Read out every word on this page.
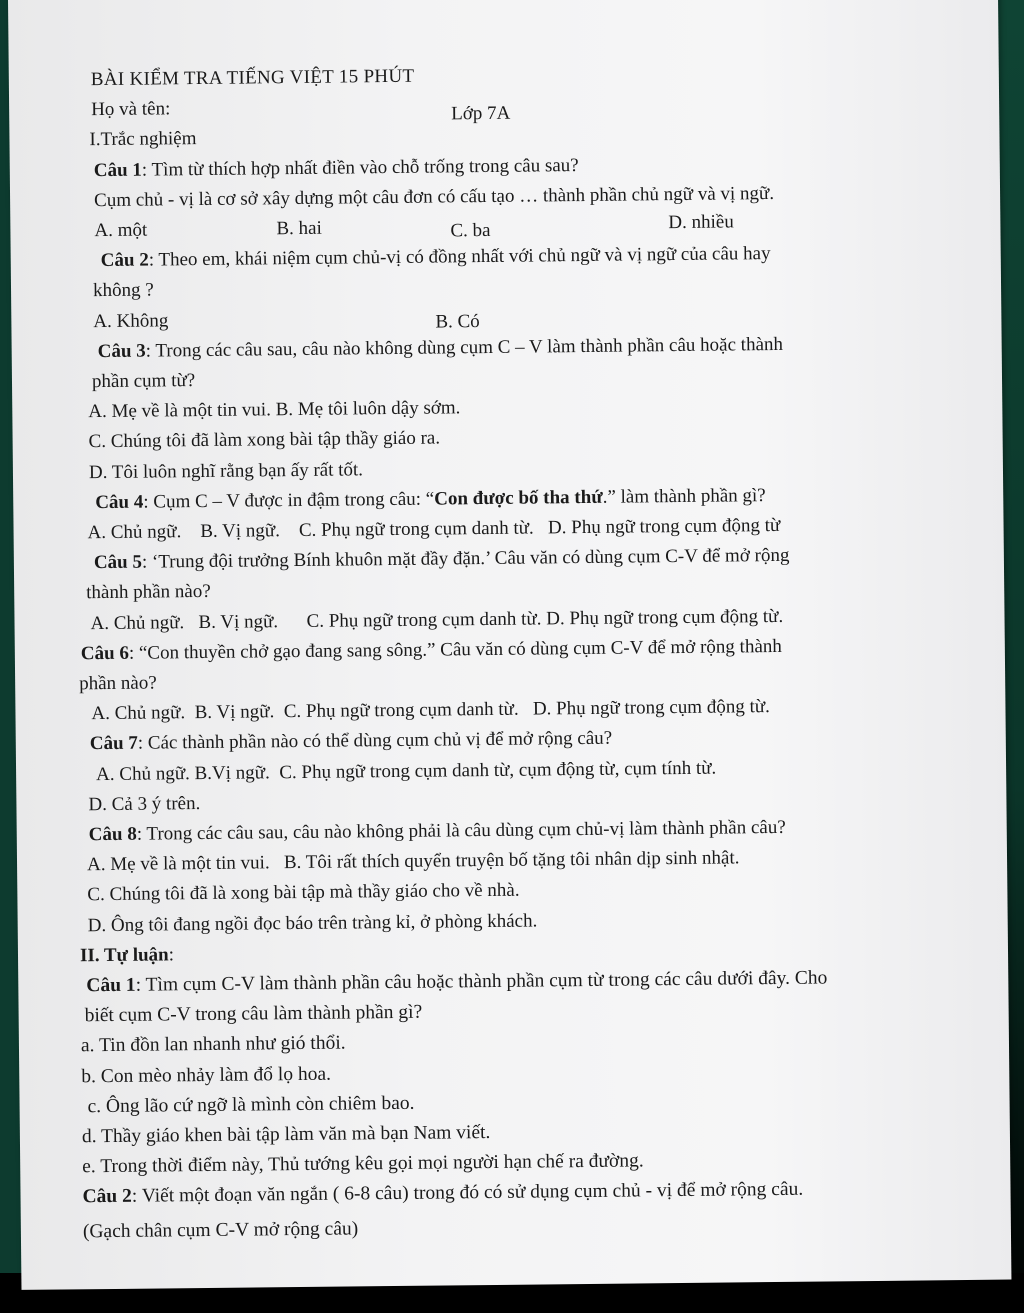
BÀI KIỂM TRA TIẾNG VIỆT 15 PHÚT
Họ và tên:	Lớp 7A
I.Trắc nghiệm
Câu 1: Tìm từ thích hợp nhất điền vào chỗ trống trong câu sau?
Cụm chủ - vị là cơ sở xây dựng một câu đơn có cấu tạo … thành phần chủ ngữ và vị ngữ.
A. một	B. hai	C. ba	D. nhiều
Câu 2: Theo em, khái niệm cụm chủ-vị có đồng nhất với chủ ngữ và vị ngữ của câu hay
không ?
A. Không	B. Có
Câu 3: Trong các câu sau, câu nào không dùng cụm C – V làm thành phần câu hoặc thành
phần cụm từ?
A. Mẹ về là một tin vui. B. Mẹ tôi luôn dậy sớm.
C. Chúng tôi đã làm xong bài tập thầy giáo ra.
D. Tôi luôn nghĩ rằng bạn ấy rất tốt.
Câu 4: Cụm C – V được in đậm trong câu: “Con được bố tha thứ.” làm thành phần gì?
A. Chủ ngữ.    B. Vị ngữ.    C. Phụ ngữ trong cụm danh từ.   D. Phụ ngữ trong cụm động từ
Câu 5: ‘Trung đội trưởng Bính khuôn mặt đầy đặn.’ Câu văn có dùng cụm C-V để mở rộng
thành phần nào?
A. Chủ ngữ.   B. Vị ngữ.      C. Phụ ngữ trong cụm danh từ. D. Phụ ngữ trong cụm động từ.
Câu 6: “Con thuyền chở gạo đang sang sông.” Câu văn có dùng cụm C-V để mở rộng thành
phần nào?
A. Chủ ngữ.  B. Vị ngữ.  C. Phụ ngữ trong cụm danh từ.   D. Phụ ngữ trong cụm động từ.
Câu 7: Các thành phần nào có thể dùng cụm chủ vị để mở rộng câu?
A. Chủ ngữ. B.Vị ngữ.  C. Phụ ngữ trong cụm danh từ, cụm động từ, cụm tính từ.
D. Cả 3 ý trên.
Câu 8: Trong các câu sau, câu nào không phải là câu dùng cụm chủ-vị làm thành phần câu?
A. Mẹ về là một tin vui.   B. Tôi rất thích quyển truyện bố tặng tôi nhân dịp sinh nhật.
C. Chúng tôi đã là xong bài tập mà thầy giáo cho về nhà.
D. Ông tôi đang ngồi đọc báo trên tràng kỉ, ở phòng khách.
II. Tự luận:
Câu 1: Tìm cụm C-V làm thành phần câu hoặc thành phần cụm từ trong các câu dưới đây. Cho
biết cụm C-V trong câu làm thành phần gì?
a. Tin đồn lan nhanh như gió thổi.
b. Con mèo nhảy làm đổ lọ hoa.
c. Ông lão cứ ngỡ là mình còn chiêm bao.
d. Thầy giáo khen bài tập làm văn mà bạn Nam viết.
e. Trong thời điểm này, Thủ tướng kêu gọi mọi người hạn chế ra đường.
Câu 2: Viết một đoạn văn ngắn ( 6-8 câu) trong đó có sử dụng cụm chủ - vị để mở rộng câu.
(Gạch chân cụm C-V mở rộng câu)
